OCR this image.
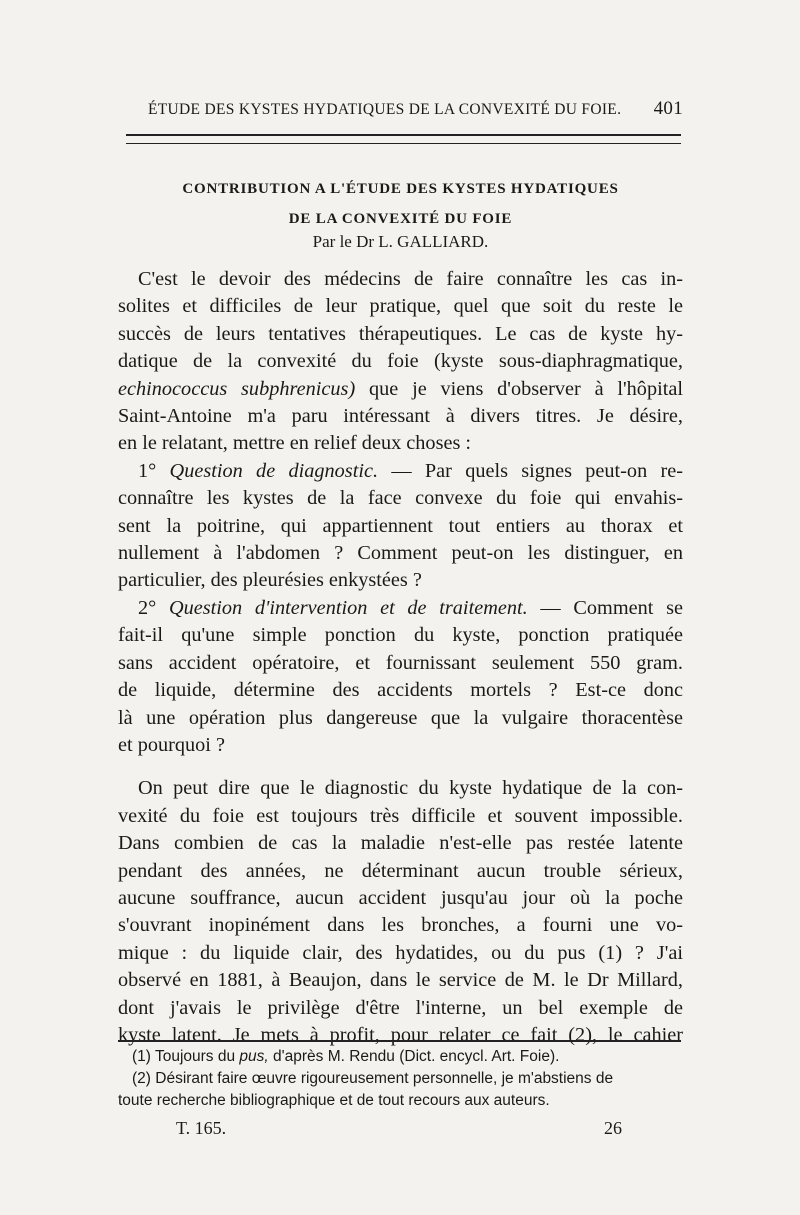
ÉTUDE DES KYSTES HYDATIQUES DE LA CONVEXITÉ DU FOIE. 401
CONTRIBUTION A L'ÉTUDE DES KYSTES HYDATIQUES
DE LA CONVEXITÉ DU FOIE
Par le Dr L. GALLIARD.
C'est le devoir des médecins de faire connaître les cas in-
solites et difficiles de leur pratique, quel que soit du reste le
succès de leurs tentatives thérapeutiques. Le cas de kyste hy-
datique de la convexité du foie (kyste sous-diaphragmatique,
echinococcus subphrenicus) que je viens d'observer à l'hôpital
Saint-Antoine m'a paru intéressant à divers titres. Je désire,
en le relatant, mettre en relief deux choses :
1° Question de diagnostic. — Par quels signes peut-on re-
connaître les kystes de la face convexe du foie qui envahis-
sent la poitrine, qui appartiennent tout entiers au thorax et
nullement à l'abdomen ? Comment peut-on les distinguer, en
particulier, des pleurésies enkystées ?
2° Question d'intervention et de traitement. — Comment se
fait-il qu'une simple ponction du kyste, ponction pratiquée
sans accident opératoire, et fournissant seulement 550 gram.
de liquide, détermine des accidents mortels ? Est-ce donc
là une opération plus dangereuse que la vulgaire thoracentèse
et pourquoi ?
On peut dire que le diagnostic du kyste hydatique de la con-
vexité du foie est toujours très difficile et souvent impossible.
Dans combien de cas la maladie n'est-elle pas restée latente
pendant des années, ne déterminant aucun trouble sérieux,
aucune souffrance, aucun accident jusqu'au jour où la poche
s'ouvrant inopinément dans les bronches, a fourni une vo-
mique : du liquide clair, des hydatides, ou du pus (1) ? J'ai
observé en 1881, à Beaujon, dans le service de M. le Dr Millard,
dont j'avais le privilège d'être l'interne, un bel exemple de
kyste latent. Je mets à profit, pour relater ce fait (2), le cahier
(1) Toujours du pus, d'après M. Rendu (Dict. encycl. Art. Foie).
(2) Désirant faire œuvre rigoureusement personnelle, je m'abstiens de
toute recherche bibliographique et de tout recours aux auteurs.
T. 165.	26
